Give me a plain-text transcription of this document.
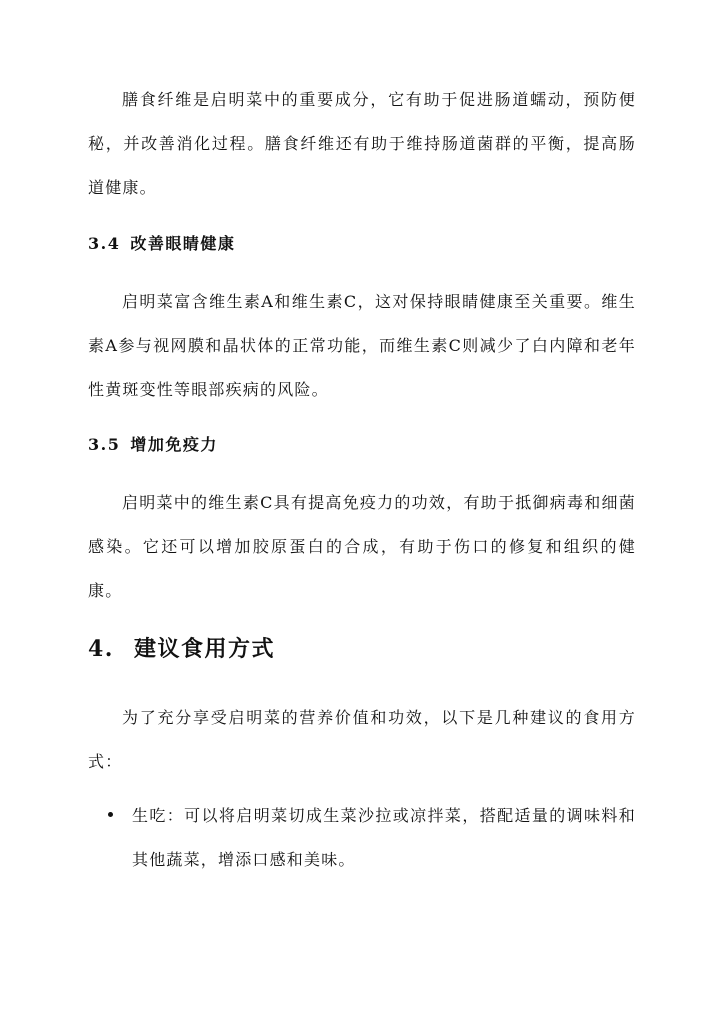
膳食纤维是启明菜中的重要成分，它有助于促进肠道蠕动，预防便秘，并改善消化过程。膳食纤维还有助于维持肠道菌群的平衡，提高肠道健康。

3.4 改善眼睛健康

启明菜富含维生素A和维生素C，这对保持眼睛健康至关重要。维生素A参与视网膜和晶状体的正常功能，而维生素C则减少了白内障和老年性黄斑变性等眼部疾病的风险。

3.5 增加免疫力

启明菜中的维生素C具有提高免疫力的功效，有助于抵御病毒和细菌感染。它还可以增加胶原蛋白的合成，有助于伤口的修复和组织的健康。

4. 建议食用方式

为了充分享受启明菜的营养价值和功效，以下是几种建议的食用方式：

生吃：可以将启明菜切成生菜沙拉或凉拌菜，搭配适量的调味料和其他蔬菜，增添口感和美味。
